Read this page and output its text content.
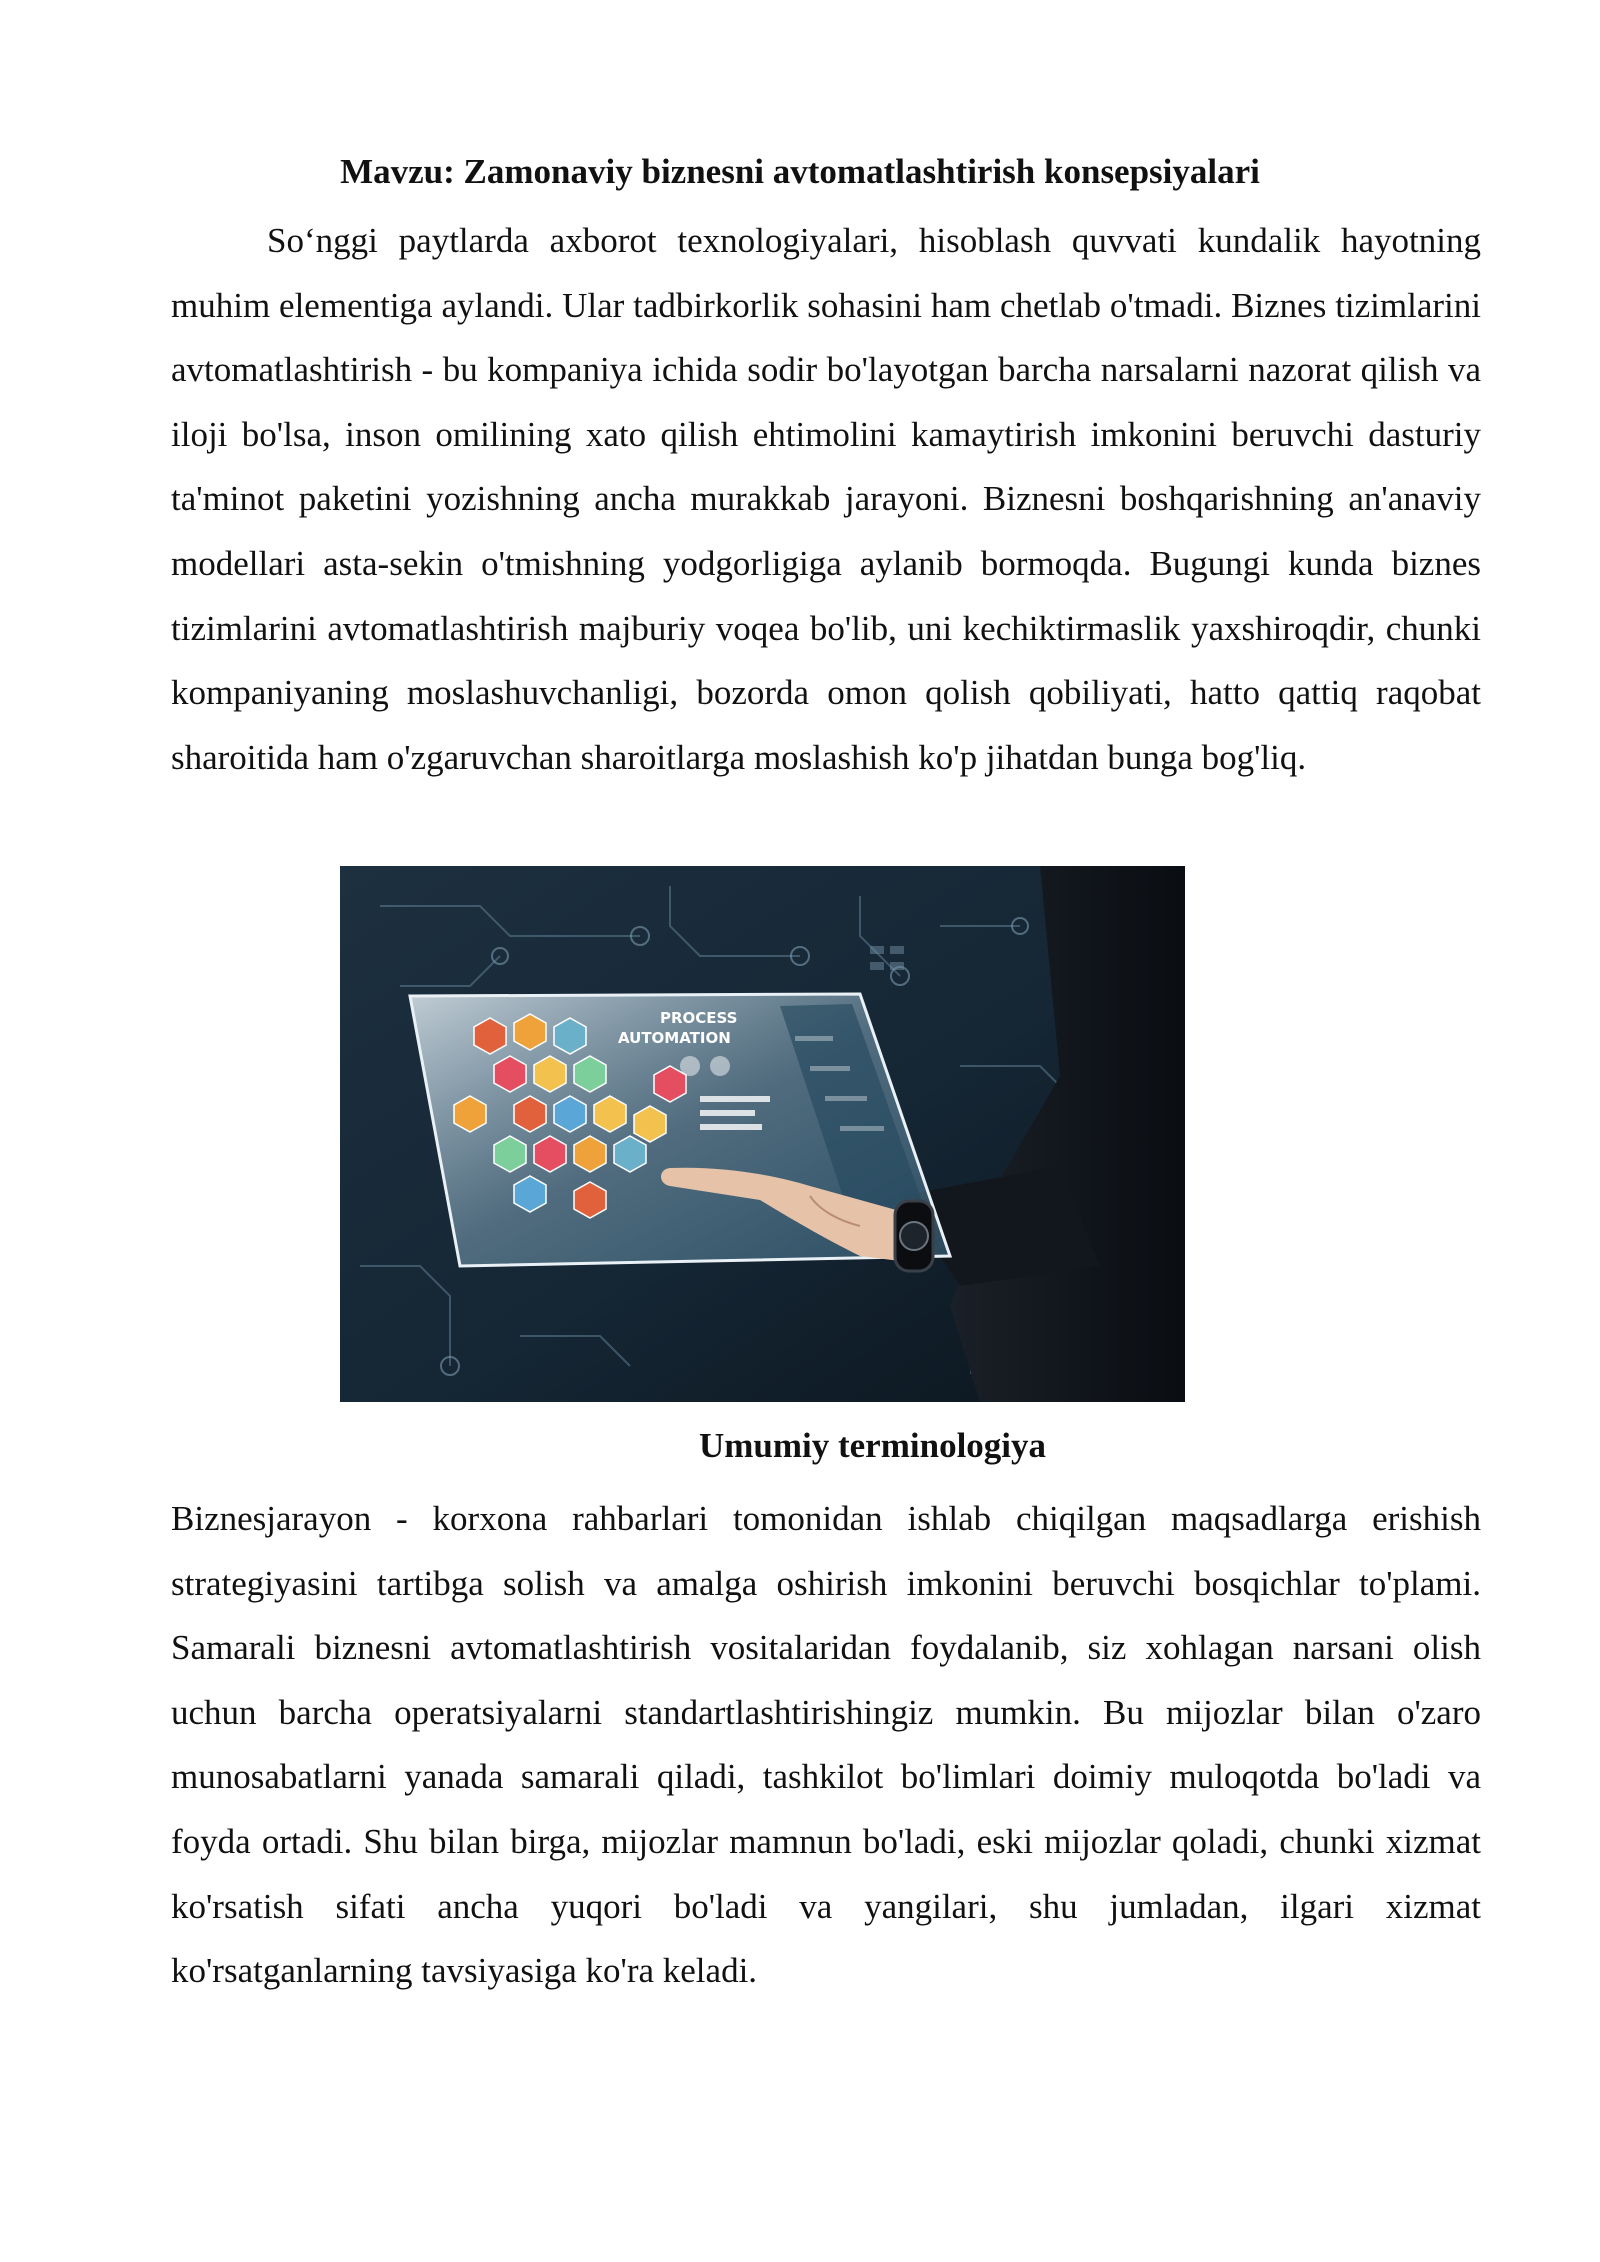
Mavzu: Zamonaviy biznesni avtomatlashtirish konsepsiyalari

So‘nggi paytlarda axborot texnologiyalari, hisoblash quvvati kundalik hayotning muhim elementiga aylandi. Ular tadbirkorlik sohasini ham chetlab o'tmadi. Biznes tizimlarini avtomatlashtirish - bu kompaniya ichida sodir bo'layotgan barcha narsalarni nazorat qilish va iloji bo'lsa, inson omilining xato qilish ehtimolini kamaytirish imkonini beruvchi dasturiy ta'minot paketini yozishning ancha murakkab jarayoni. Biznesni boshqarishning an'anaviy modellari asta-sekin o'tmishning yodgorligiga aylanib bormoqda. Bugungi kunda biznes tizimlarini avtomatlashtirish majburiy voqea bo'lib, uni kechiktirmaslik yaxshiroqdir, chunki kompaniyaning moslashuvchanligi, bozorda omon qolish qobiliyati, hatto qattiq raqobat sharoitida ham o'zgaruvchan sharoitlarga moslashish ko'p jihatdan bunga bog'liq.

PROCESS
AUTOMATION
Umumiy terminologiya

Biznesjarayon - korxona rahbarlari tomonidan ishlab chiqilgan maqsadlarga erishish strategiyasini tartibga solish va amalga oshirish imkonini beruvchi bosqichlar to'plami. Samarali biznesni avtomatlashtirish vositalaridan foydalanib, siz xohlagan narsani olish uchun barcha operatsiyalarni standartlashtirishingiz mumkin. Bu mijozlar bilan o'zaro munosabatlarni yanada samarali qiladi, tashkilot bo'limlari doimiy muloqotda bo'ladi va foyda ortadi. Shu bilan birga, mijozlar mamnun bo'ladi, eski mijozlar qoladi, chunki xizmat ko'rsatish sifati ancha yuqori bo'ladi va yangilari, shu jumladan, ilgari xizmat ko'rsatganlarning tavsiyasiga ko'ra keladi.
